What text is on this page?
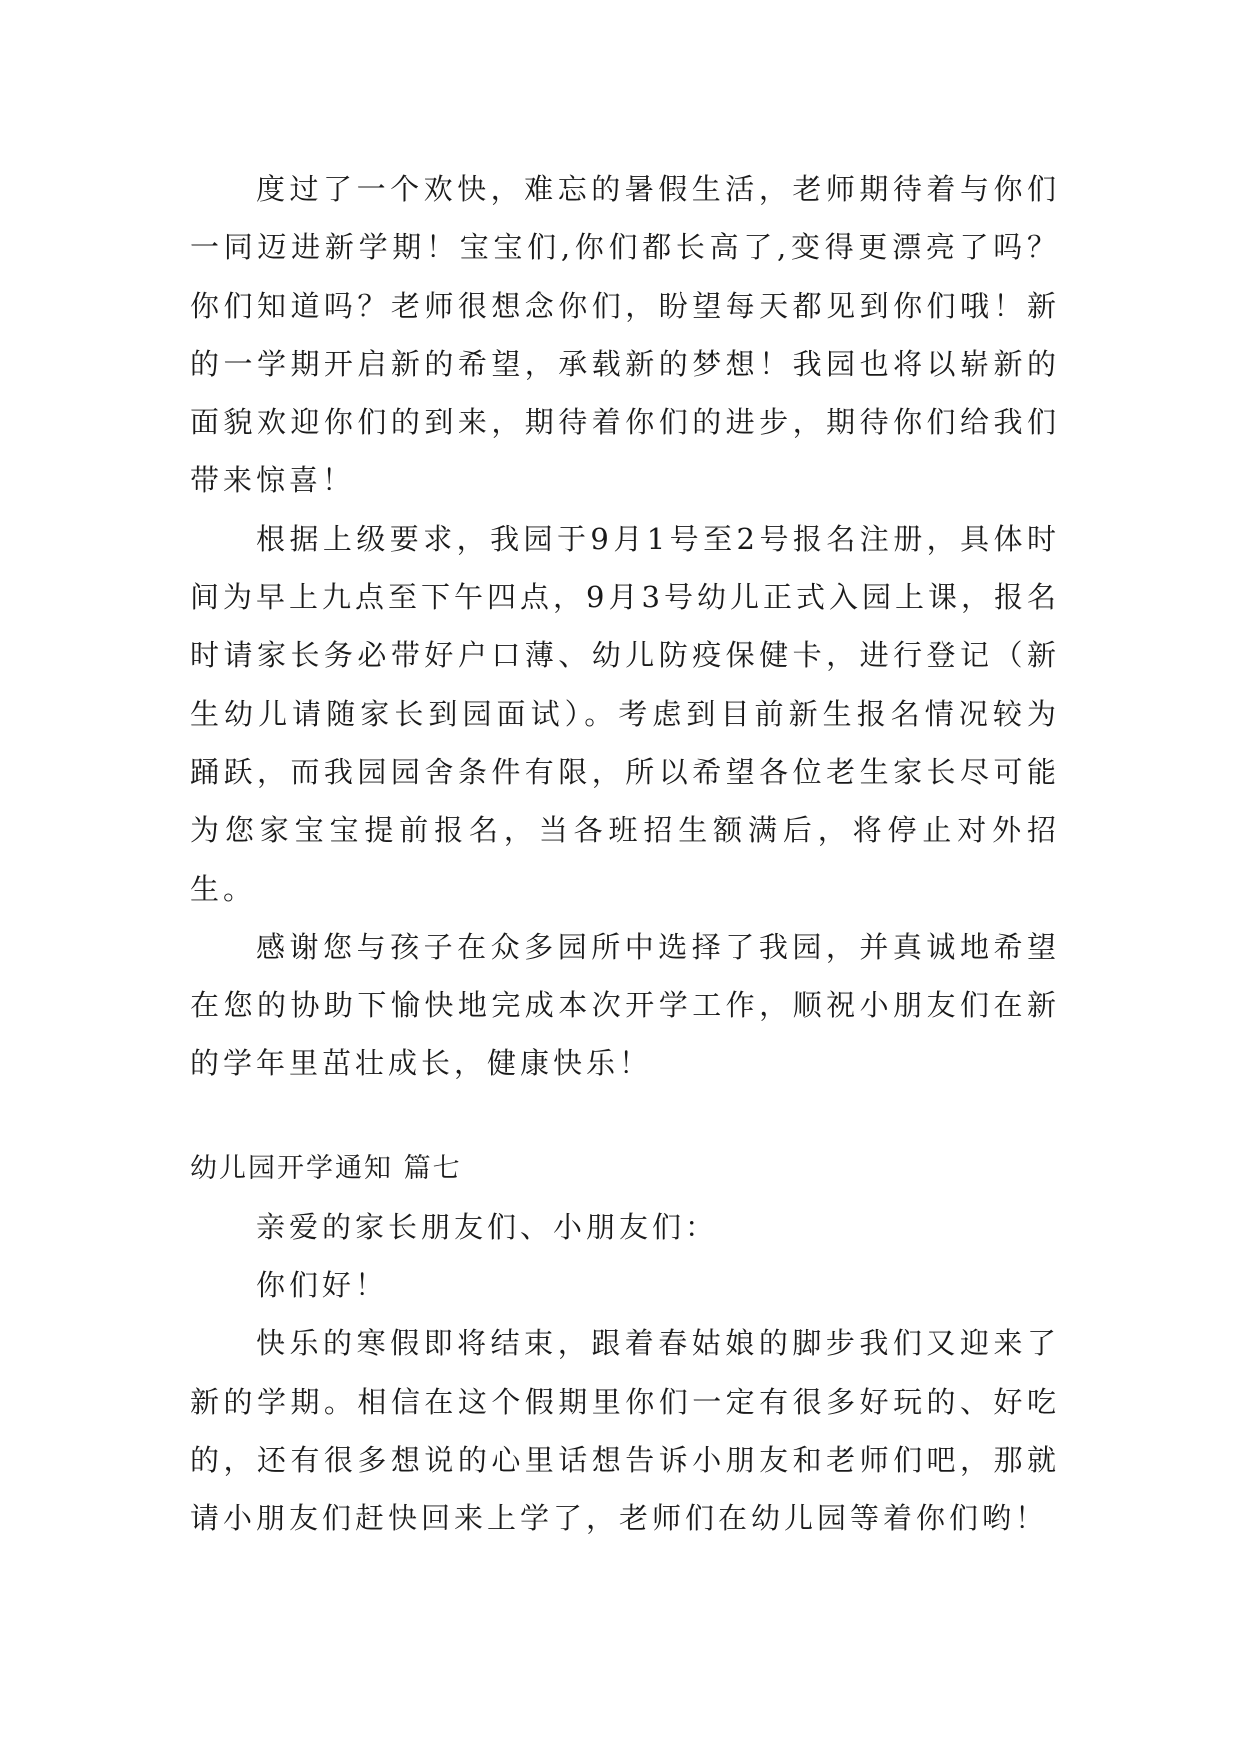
度过了一个欢快，难忘的暑假生活，老师期待着与你们一同迈进新学期！宝宝们,你们都长高了,变得更漂亮了吗？你们知道吗？老师很想念你们，盼望每天都见到你们哦！新的一学期开启新的希望，承载新的梦想！我园也将以崭新的面貌欢迎你们的到来，期待着你们的进步，期待你们给我们带来惊喜！

根据上级要求，我园于9月1号至2号报名注册，具体时间为早上九点至下午四点，9月3号幼儿正式入园上课，报名时请家长务必带好户口薄、幼儿防疫保健卡，进行登记（新生幼儿请随家长到园面试）。考虑到目前新生报名情况较为踊跃，而我园园舍条件有限，所以希望各位老生家长尽可能为您家宝宝提前报名，当各班招生额满后，将停止对外招生。

感谢您与孩子在众多园所中选择了我园，并真诚地希望在您的协助下愉快地完成本次开学工作，顺祝小朋友们在新的学年里茁壮成长，健康快乐！

幼儿园开学通知 篇七

亲爱的家长朋友们、小朋友们：

你们好！

快乐的寒假即将结束，跟着春姑娘的脚步我们又迎来了新的学期。相信在这个假期里你们一定有很多好玩的、好吃的，还有很多想说的心里话想告诉小朋友和老师们吧，那就请小朋友们赶快回来上学了，老师们在幼儿园等着你们哟！
